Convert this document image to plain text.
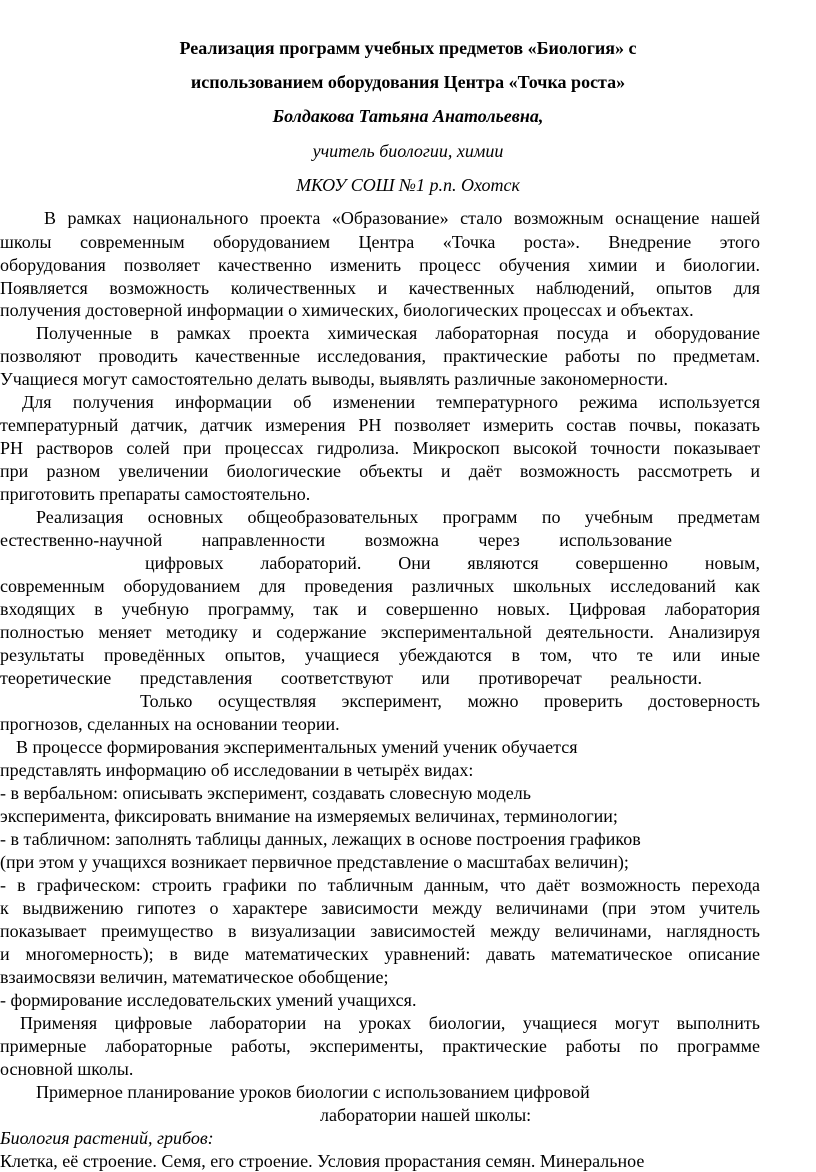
Реализация программ учебных предметов «Биология» с
использованием оборудования Центра «Точка роста»
Болдакова Татьяна Анатольевна,
учитель биологии, химии
МКОУ СОШ №1 р.п. Охотск
В рамках национального проекта «Образование» стало возможным оснащение нашей
школы современным оборудованием Центра «Точка роста». Внедрение этого
оборудования позволяет качественно изменить процесс обучения химии и биологии.
Появляется возможность количественных и качественных наблюдений, опытов для
получения достоверной информации о химических, биологических процессах и объектах.
Полученные в рамках проекта химическая лабораторная посуда и оборудование
позволяют проводить качественные исследования, практические работы по предметам.
Учащиеся могут самостоятельно делать выводы, выявлять различные закономерности.
Для получения информации об изменении температурного режима используется
температурный датчик, датчик измерения РН позволяет измерить состав почвы, показать
РН растворов солей при процессах гидролиза. Микроскоп высокой точности показывает
при разном увеличении биологические объекты и даёт возможность рассмотреть и
приготовить препараты самостоятельно.
Реализация основных общеобразовательных программ по учебным предметам
естественно-научной направленности возможна через использование
цифровых лабораторий. Они являются совершенно новым,
современным оборудованием для проведения различных школьных исследований как
входящих в учебную программу, так и совершенно новых. Цифровая лаборатория
полностью меняет методику и содержание экспериментальной деятельности. Анализируя
результаты проведённых опытов, учащиеся убеждаются в том, что те или иные
теоретические представления соответствуют или противоречат реальности.
Только осуществляя эксперимент, можно проверить достоверность
прогнозов, сделанных на основании теории.
В процессе формирования экспериментальных умений ученик обучается
представлять информацию об исследовании в четырёх видах:
- в вербальном: описывать эксперимент, создавать словесную модель
эксперимента, фиксировать внимание на измеряемых величинах, терминологии;
- в табличном: заполнять таблицы данных, лежащих в основе построения графиков
(при этом у учащихся возникает первичное представление о масштабах величин);
- в графическом: строить графики по табличным данным, что даёт возможность перехода
к выдвижению гипотез о характере зависимости между величинами (при этом учитель
показывает преимущество в визуализации зависимостей между величинами, наглядность
и многомерность); в виде математических уравнений: давать математическое описание
взаимосвязи величин, математическое обобщение;
- формирование исследовательских умений учащихся.
Применяя цифровые лаборатории на уроках биологии, учащиеся могут выполнить
примерные лабораторные работы, эксперименты, практические работы по программе
основной школы.
Примерное планирование уроков биологии с использованием цифровой
лаборатории нашей школы:
Биология растений, грибов:
Клетка, её строение. Семя, его строение. Условия прорастания семян. Минеральное
